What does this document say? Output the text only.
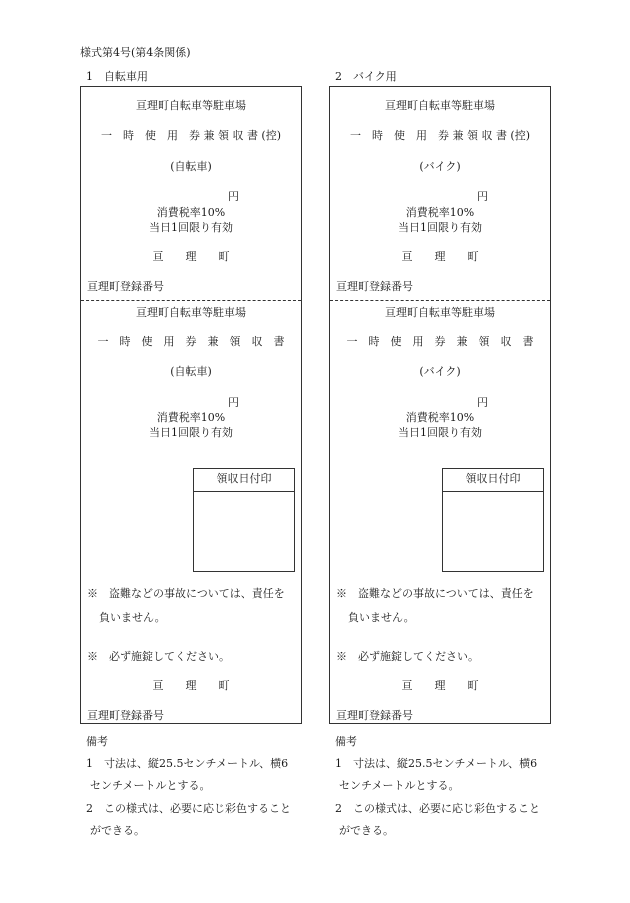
様式第4号(第4条関係)
1　自転車用
亘理町自転車等駐車場
一　時　使　用　券 兼 領 収 書 (控)
(自転車)
円
消費税率10%
当日1回限り有効
亘　　理　　町
亘理町登録番号
亘理町自転車等駐車場
一　時　使　用　券　兼　領　収　書
(自転車)
円
消費税率10%
当日1回限り有効
領収日付印
※　盗難などの事故については、責任を
負いません。
※　必ず施錠してください。
亘　　理　　町
亘理町登録番号
2　バイク用
亘理町自転車等駐車場
一　時　使　用　券 兼 領 収 書 (控)
(バイク)
円
消費税率10%
当日1回限り有効
亘　　理　　町
亘理町登録番号
亘理町自転車等駐車場
一　時　使　用　券　兼　領　収　書
(バイク)
円
消費税率10%
当日1回限り有効
領収日付印
※　盗難などの事故については、責任を
負いません。
※　必ず施錠してください。
亘　　理　　町
亘理町登録番号
備考
1　寸法は、縦25.5センチメートル、横6
センチメートルとする。
2　この様式は、必要に応じ彩色すること
ができる。
備考
1　寸法は、縦25.5センチメートル、横6
センチメートルとする。
2　この様式は、必要に応じ彩色すること
ができる。
